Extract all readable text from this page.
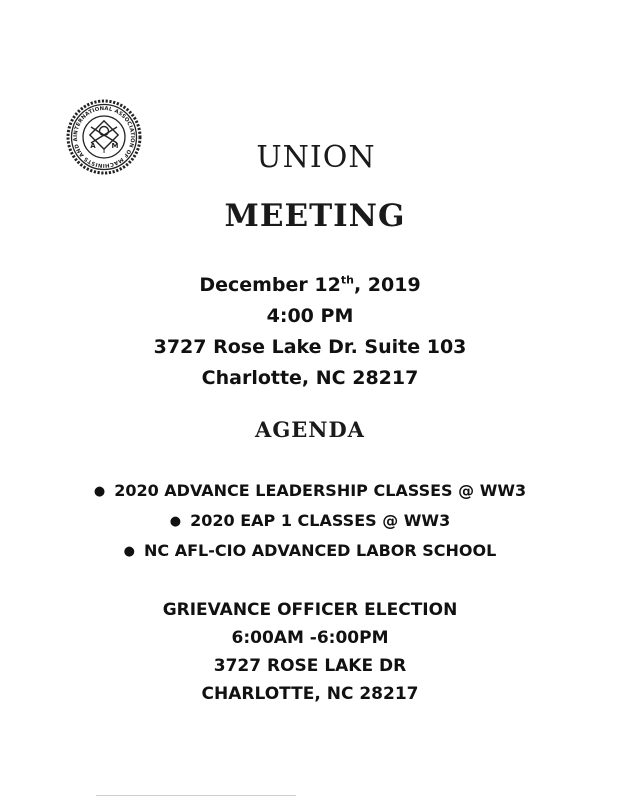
INTERNATIONAL ASSOCIATION OF MACHINISTS AND A
A M
I	UNION
MEETING
December 12th, 2019
4:00 PM
3727 Rose Lake Dr. Suite 103
Charlotte, NC 28217
AGENDA
● 2020 ADVANCE LEADERSHIP CLASSES @ WW3
● 2020 EAP 1 CLASSES @ WW3
● NC AFL-CIO ADVANCED LABOR SCHOOL
GRIEVANCE OFFICER ELECTION
6:00AM -6:00PM
3727 ROSE LAKE DR
CHARLOTTE, NC 28217
